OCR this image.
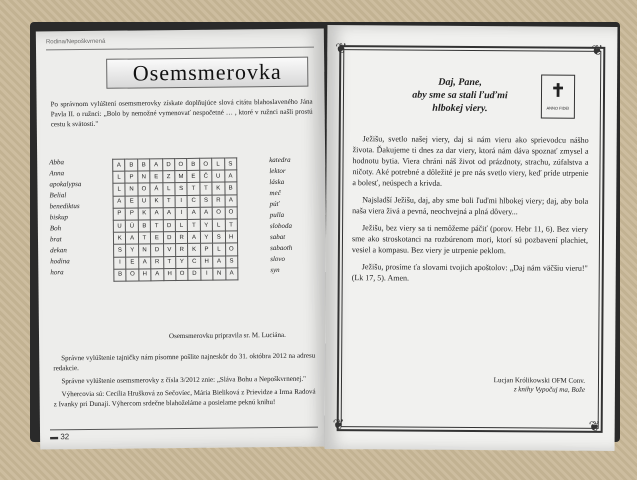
Rodina/Nepoškvrnená
Osemsmerovka
Po správnom vylúštení osemsmerovky získate doplňujúce slová citátu blahoslaveného Jána Pavla II. o ružnci: „Bolo by nemožné vymenovať nespočetné … , ktoré v ružnci našli prostú cestu k svätosti."
Abba
Anna
apokalypsa
Belial
benediktus
biskup
Boh
brat
dekan
hodina
hora
A	B	B	A	D	O	B	O	L	S
L	P	N	E	Z	M	E	Č	U	A
L	N	O	Á	L	S	T	T	K	B
A	E	U	K	T	I	C	S	R	A
P	P	K	A	A	I	A	A	O	O
U	Ú	B	T	D	L	T	Y	L	T
K	A	T	E	D	R	A	Y	S	H
S	Y	N	D	V	R	K	P	L	O
I	E	A	R	T	Y	C	H	A	S
B	O	H	A	H	O	D	I	N	A
katedra
lektor
láska
meč
púť
pulla
sloboda
sabat
sabaoth
slovo
syn
Osemsmerovku pripravila sr. M. Luciána.
Správne vylúštenie tajničky nám písomne pošlite najneskôr do 31. októbra 2012 na adresu redakcie.
Správne vylúštenie osemsmerovky z čísla 3/2012 znie: „Sláva Bohu a Nepoškvrnenej."
Výhercovia sú: Cecília Hrušková zo Sečovíec, Mária Bieliková z Prievidze a Irma Radová z Ivanky pri Dunaji. Výhercom srdečne blahoželáme a posielame peknú knihu!
▬ 32
❦	❦
❦	❦
Daj, Pane,
aby sme sa stali ľuďmi
hlbokej viery.
✝
ANNO FIDEI

Ježišu, svetlo našej viery, daj si nám vieru ako sprievodcu nášho života. Ďakujeme ti dnes za dar viery, ktorá nám dáva spoznať zmysel a hodnotu bytia. Viera chráni náš život od prázdnoty, strachu, zúfalstva a ničoty. Aké potrebné a dôležité je pre nás svetlo viery, keď príde utrpenie a bolesť, neúspech a krivda.

Najsladší Ježišu, daj, aby sme boli ľuďmi hlbokej viery; daj, aby bola naša viera živá a pevná, neochvejná a plná dôvery...

Ježišu, bez viery sa ti nemôžeme páčiť (porov. Hebr 11, 6). Bez viery sme ako stroskotanci na rozbúrenom mori, ktorí sú pozbavení plachiet, vesiel a kompasu. Bez viery je utrpenie peklom.

Ježišu, prosíme ťa slovami tvojich apoštolov: „Daj nám väčšiu vieru!" (Lk 17, 5). Amen.

Lucjan Królikowski OFM Conv.
z knihy Vypočuj ma, Bože
